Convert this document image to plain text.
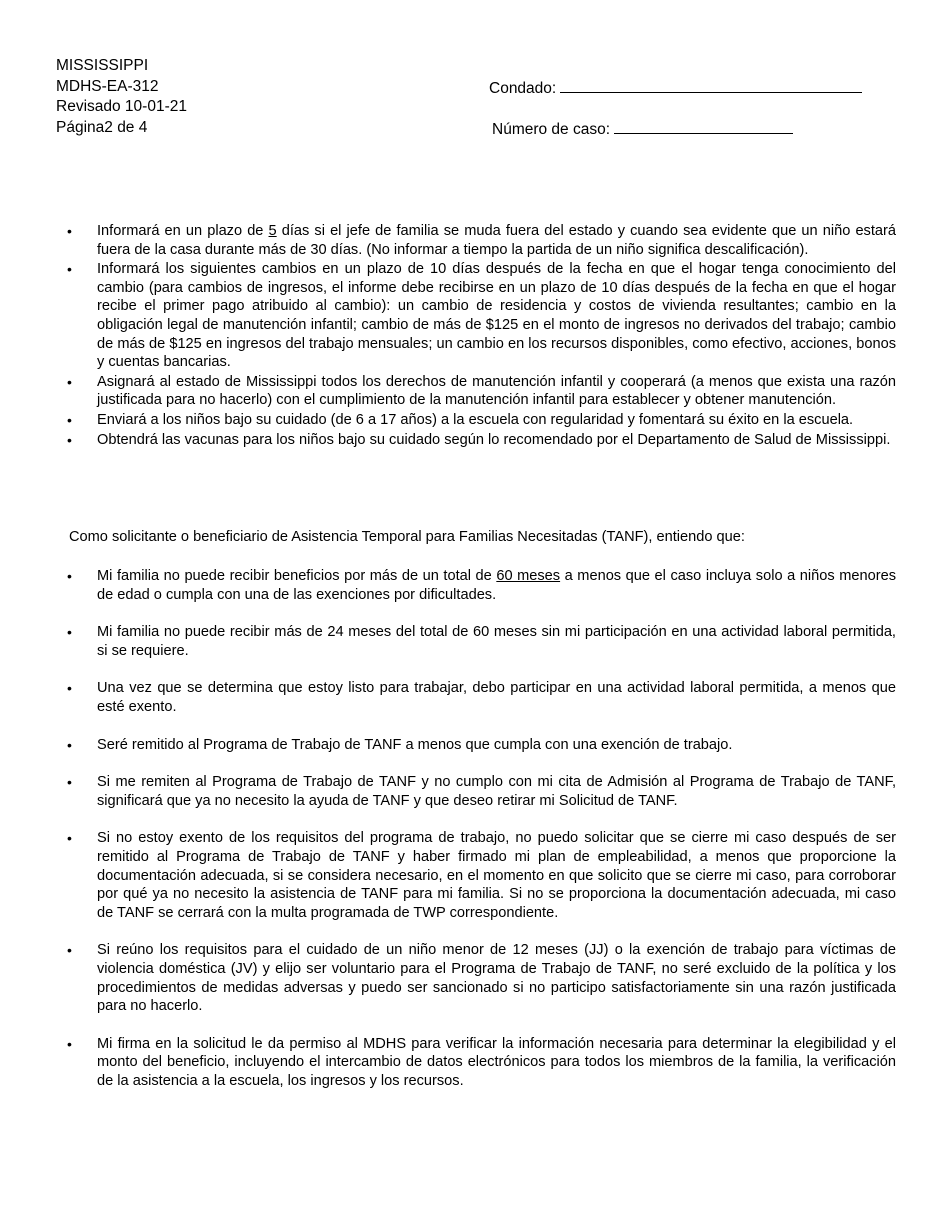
MISSISSIPPI
MDHS-EA-312
Revisado 10-01-21
Página2 de 4
Condado:
Número de caso:
• Informará en un plazo de 5 días si el jefe de familia se muda fuera del estado y cuando sea evidente que un niño estará fuera de la casa durante más de 30 días. (No informar a tiempo la partida de un niño significa descalificación).
• Informará los siguientes cambios en un plazo de 10 días después de la fecha en que el hogar tenga conocimiento del cambio (para cambios de ingresos, el informe debe recibirse en un plazo de 10 días después de la fecha en que el hogar recibe el primer pago atribuido al cambio): un cambio de residencia y costos de vivienda resultantes; cambio en la obligación legal de manutención infantil; cambio de más de $125 en el monto de ingresos no derivados del trabajo; cambio de más de $125 en ingresos del trabajo mensuales; un cambio en los recursos disponibles, como efectivo, acciones, bonos y cuentas bancarias.
• Asignará al estado de Mississippi todos los derechos de manutención infantil y cooperará (a menos que exista una razón justificada para no hacerlo) con el cumplimiento de la manutención infantil para establecer y obtener manutención.
• Enviará a los niños bajo su cuidado (de 6 a 17 años) a la escuela con regularidad y fomentará su éxito en la escuela.
• Obtendrá las vacunas para los niños bajo su cuidado según lo recomendado por el Departamento de Salud de Mississippi.
Como solicitante o beneficiario de Asistencia Temporal para Familias Necesitadas (TANF), entiendo que:
• Mi familia no puede recibir beneficios por más de un total de 60 meses a menos que el caso incluya solo a niños menores de edad o cumpla con una de las exenciones por dificultades.
• Mi familia no puede recibir más de 24 meses del total de 60 meses sin mi participación en una actividad laboral permitida, si se requiere.
• Una vez que se determina que estoy listo para trabajar, debo participar en una actividad laboral permitida, a menos que esté exento.
• Seré remitido al Programa de Trabajo de TANF a menos que cumpla con una exención de trabajo.
• Si me remiten al Programa de Trabajo de TANF y no cumplo con mi cita de Admisión al Programa de Trabajo de TANF, significará que ya no necesito la ayuda de TANF y que deseo retirar mi Solicitud de TANF.
• Si no estoy exento de los requisitos del programa de trabajo, no puedo solicitar que se cierre mi caso después de ser remitido al Programa de Trabajo de TANF y haber firmado mi plan de empleabilidad, a menos que proporcione la documentación adecuada, si se considera necesario, en el momento en que solicito que se cierre mi caso, para corroborar por qué ya no necesito la asistencia de TANF para mi familia. Si no se proporciona la documentación adecuada, mi caso de TANF se cerrará con la multa programada de TWP correspondiente.
• Si reúno los requisitos para el cuidado de un niño menor de 12 meses (JJ) o la exención de trabajo para víctimas de violencia doméstica (JV) y elijo ser voluntario para el Programa de Trabajo de TANF, no seré excluido de la política y los procedimientos de medidas adversas y puedo ser sancionado si no participo satisfactoriamente sin una razón justificada para no hacerlo.
• Mi firma en la solicitud le da permiso al MDHS para verificar la información necesaria para determinar la elegibilidad y el monto del beneficio, incluyendo el intercambio de datos electrónicos para todos los miembros de la familia, la verificación de la asistencia a la escuela, los ingresos y los recursos.
